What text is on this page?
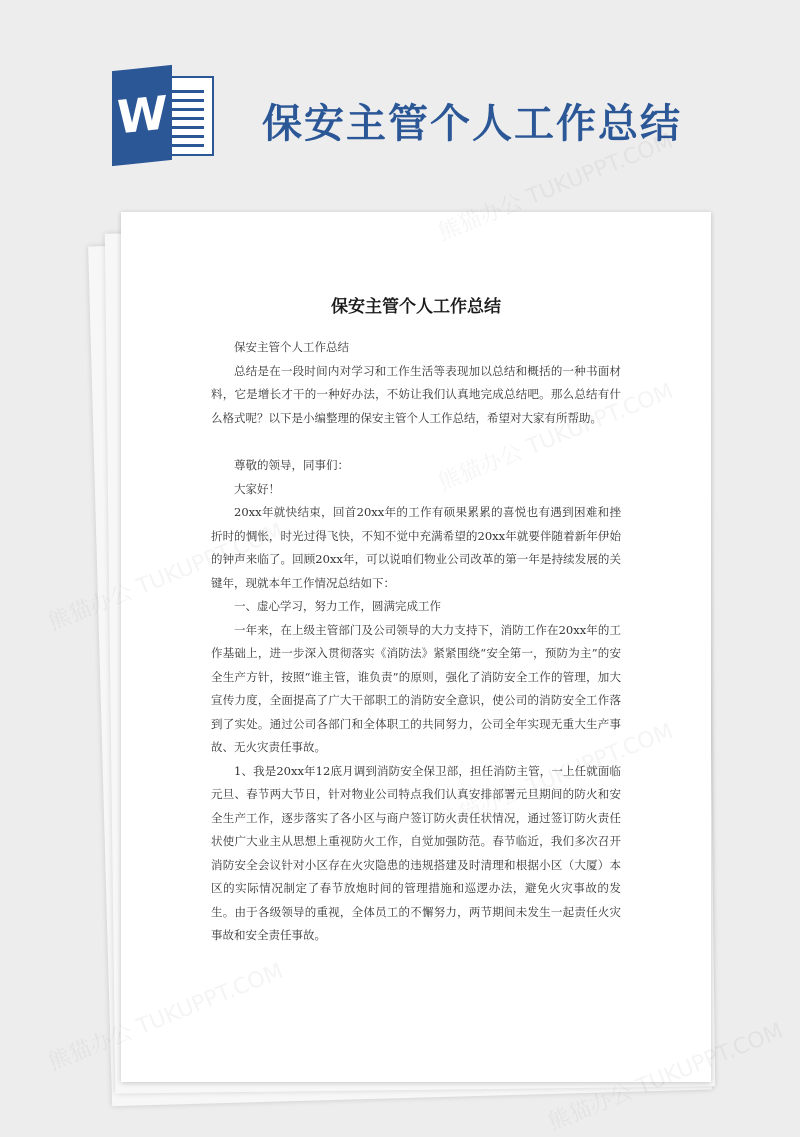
W 保安主管个人工作总结
保安主管个人工作总结

保安主管个人工作总结

总结是在一段时间内对学习和工作生活等表现加以总结和概括的一种书面材料，它是增长才干的一种好办法，不妨让我们认真地完成总结吧。那么总结有什么格式呢？以下是小编整理的保安主管个人工作总结，希望对大家有所帮助。

尊敬的领导，同事们：

大家好！

20xx年就快结束，回首20xx年的工作有硕果累累的喜悦也有遇到困难和挫折时的惆怅，时光过得飞快，不知不觉中充满希望的20xx年就要伴随着新年伊始的钟声来临了。回顾20xx年，可以说咱们物业公司改革的第一年是持续发展的关键年，现就本年工作情况总结如下：

一、虚心学习，努力工作，圆满完成工作

一年来，在上级主管部门及公司领导的大力支持下，消防工作在20xx年的工作基础上，进一步深入贯彻落实《消防法》紧紧围绕“安全第一，预防为主”的安全生产方针，按照“谁主管，谁负责”的原则，强化了消防安全工作的管理，加大宣传力度，全面提高了广大干部职工的消防安全意识，使公司的消防安全工作落到了实处。通过公司各部门和全体职工的共同努力，公司全年实现无重大生产事故、无火灾责任事故。

1、我是20xx年12底月调到消防安全保卫部，担任消防主管，一上任就面临元旦、春节两大节日，针对物业公司特点我们认真安排部署元旦期间的防火和安全生产工作，逐步落实了各小区与商户签订防火责任状情况，通过签订防火责任状使广大业主从思想上重视防火工作，自觉加强防范。春节临近，我们多次召开消防安全会议针对小区存在火灾隐患的违规搭建及时清理和根据小区（大厦）本区的实际情况制定了春节放炮时间的管理措施和巡逻办法，避免火灾事故的发生。由于各级领导的重视，全体员工的不懈努力，两节期间未发生一起责任火灾事故和安全责任事故。
